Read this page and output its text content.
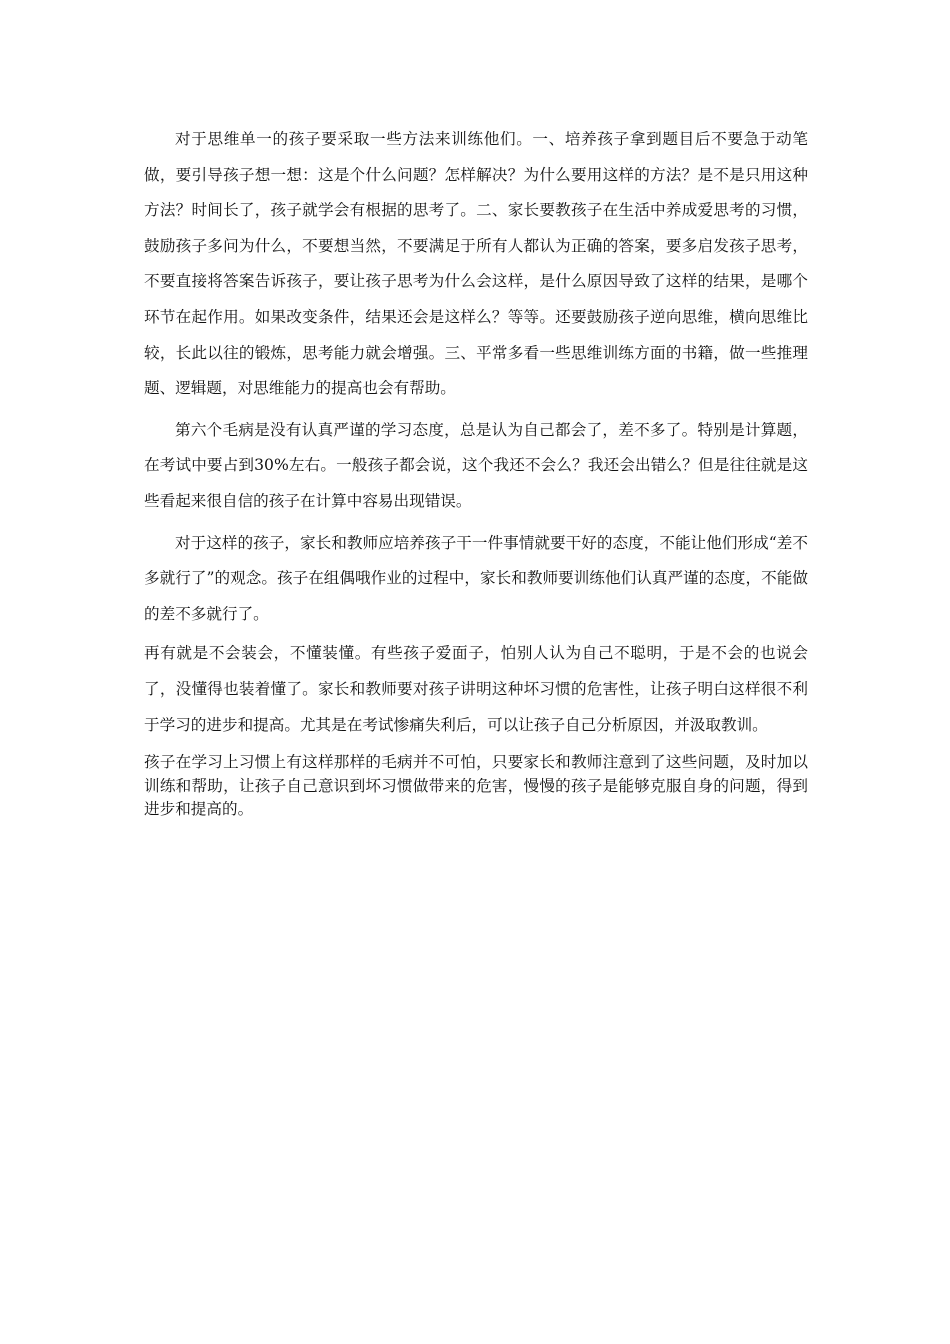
对于思维单一的孩子要采取一些方法来训练他们。一、培养孩子拿到题目后不要急于动笔做，要引导孩子想一想：这是个什么问题？怎样解决？为什么要用这样的方法？是不是只用这种方法？时间长了，孩子就学会有根据的思考了。二、家长要教孩子在生活中养成爱思考的习惯，鼓励孩子多问为什么，不要想当然，不要满足于所有人都认为正确的答案，要多启发孩子思考，不要直接将答案告诉孩子，要让孩子思考为什么会这样，是什么原因导致了这样的结果，是哪个环节在起作用。如果改变条件，结果还会是这样么？等等。还要鼓励孩子逆向思维，横向思维比较，长此以往的锻炼，思考能力就会增强。三、平常多看一些思维训练方面的书籍，做一些推理题、逻辑题，对思维能力的提高也会有帮助。

第六个毛病是没有认真严谨的学习态度，总是认为自己都会了，差不多了。特别是计算题，在考试中要占到30%左右。一般孩子都会说，这个我还不会么？我还会出错么？但是往往就是这些看起来很自信的孩子在计算中容易出现错误。

对于这样的孩子，家长和教师应培养孩子干一件事情就要干好的态度，不能让他们形成“差不多就行了”的观念。孩子在组偶哦作业的过程中，家长和教师要训练他们认真严谨的态度，不能做的差不多就行了。

再有就是不会装会，不懂装懂。有些孩子爱面子，怕别人认为自己不聪明，于是不会的也说会了，没懂得也装着懂了。家长和教师要对孩子讲明这种坏习惯的危害性，让孩子明白这样很不利于学习的进步和提高。尤其是在考试惨痛失利后，可以让孩子自己分析原因，并汲取教训。

孩子在学习上习惯上有这样那样的毛病并不可怕，只要家长和教师注意到了这些问题，及时加以训练和帮助，让孩子自己意识到坏习惯做带来的危害，慢慢的孩子是能够克服自身的问题，得到进步和提高的。
